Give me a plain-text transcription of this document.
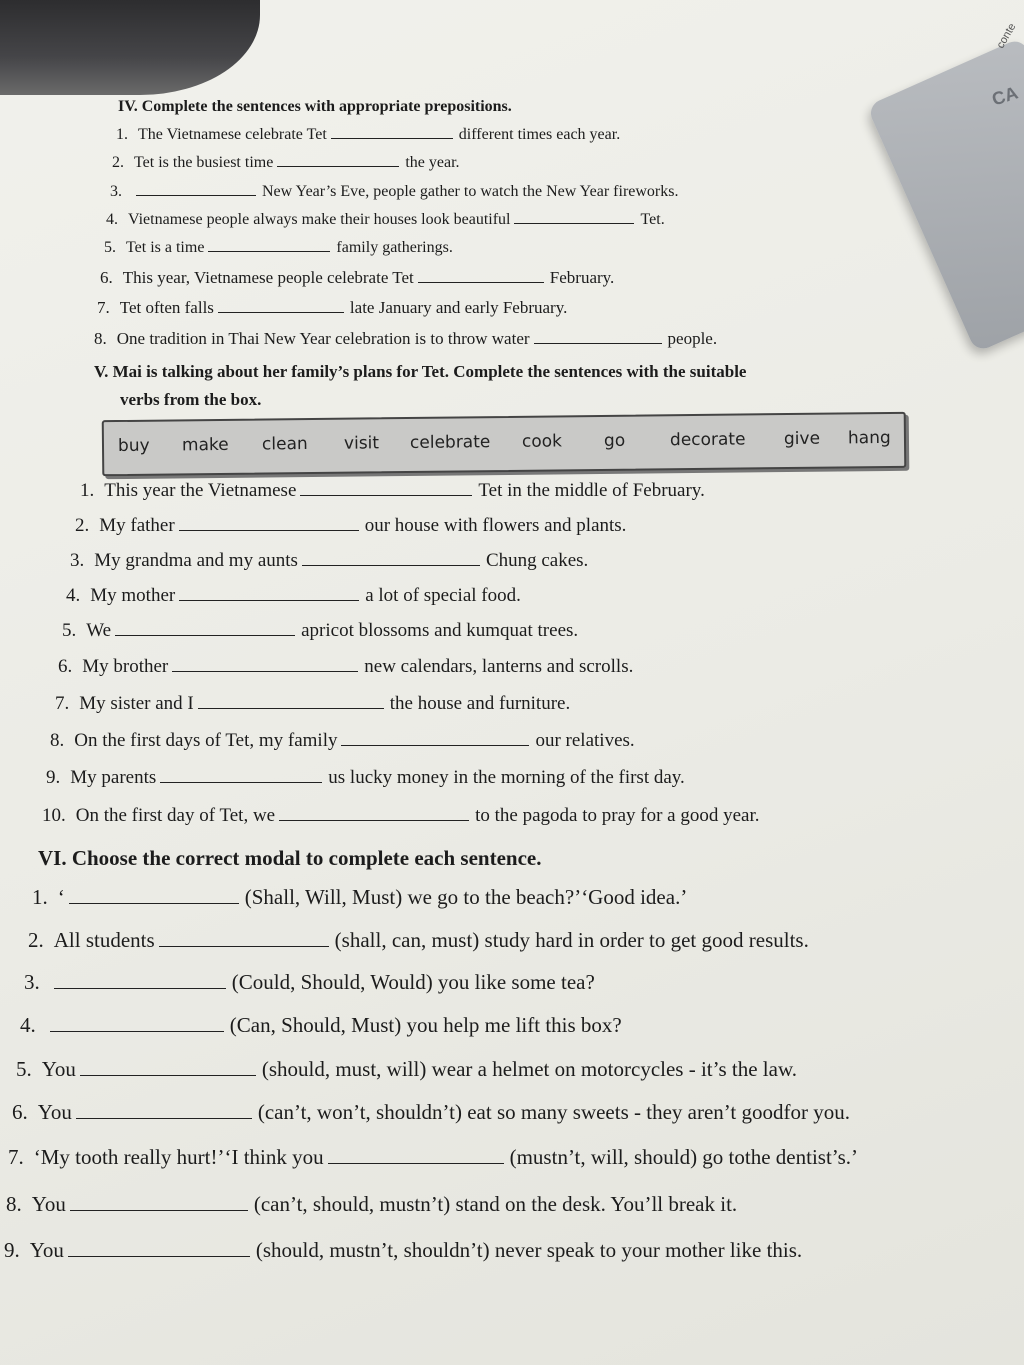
CA
conte
IV. Complete the sentences with appropriate prepositions.
1. The Vietnamese celebrate Tet	different times each year.
2. Tet is the busiest time	the year.
3.	New Year’s Eve, people gather to watch the New Year fireworks.
4. Vietnamese people always make their houses look beautiful	Tet.
5. Tet is a time	family gatherings.
6. This year, Vietnamese people celebrate Tet	February.
7. Tet often falls	late January and early February.
8. One tradition in Thai New Year celebration is to throw water	people.
V. Mai is talking about her family’s plans for Tet. Complete the sentences with the suitable
verbs from the box.
buy make clean visit celebrate cook go	decorate give hang
1. This year the Vietnamese	Tet in the middle of February.
2. My father	our house with flowers and plants.
3. My grandma and my aunts	Chung cakes.
4. My mother	a lot of special food.
5. We	apricot blossoms and kumquat trees.
6. My brother	new calendars, lanterns and scrolls.
7. My sister and I	the house and furniture.
8. On the first days of Tet, my family	our relatives.
9. My parents	us lucky money in the morning of the first day.
10. On the first day of Tet, we	to the pagoda to pray for a good year.
VI. Choose the correct modal to complete each sentence.
1. ‘	(Shall, Will, Must) we go to the beach?’‘Good idea.’
2. All students	(shall, can, must) study hard in order to get good results.
3.	(Could, Should, Would) you like some tea?
4.	(Can, Should, Must) you help me lift this box?
5. You	(should, must, will) wear a helmet on motorcycles - it’s the law.
6. You	(can’t, won’t, shouldn’t) eat so many sweets - they aren’t goodfor you.
7. ‘My tooth really hurt!’‘I think you	(mustn’t, will, should) go tothe dentist’s.’
8. You	(can’t, should, mustn’t) stand on the desk. You’ll break it.
9. You	(should, mustn’t, shouldn’t) never speak to your mother like this.
